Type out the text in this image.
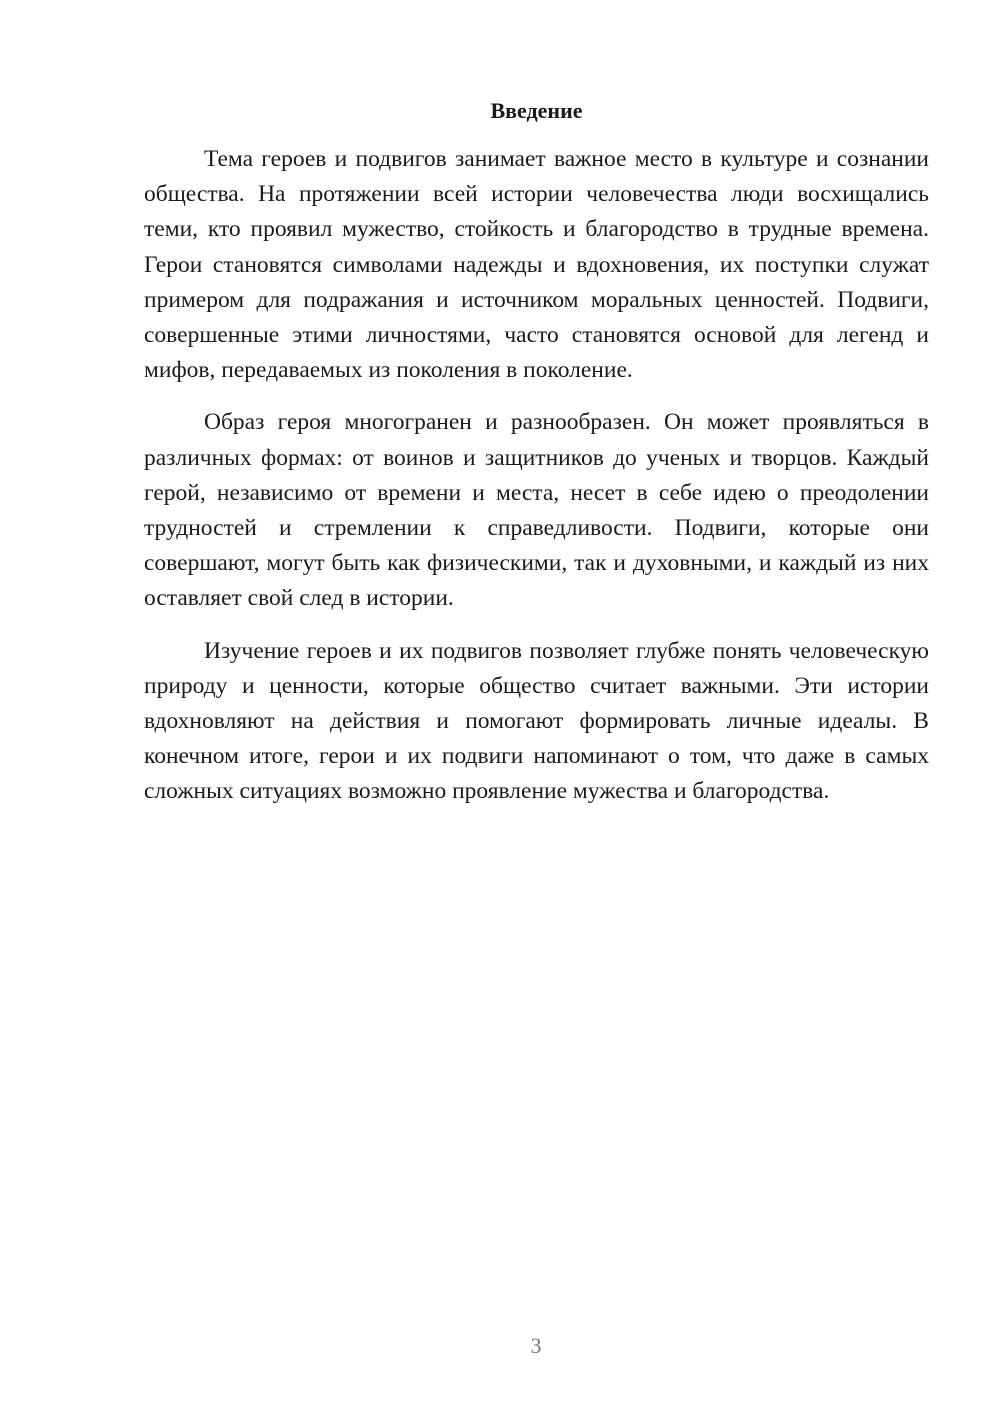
Введение

Тема героев и подвигов занимает важное место в культуре и сознании общества. На протяжении всей истории человечества люди восхищались теми, кто проявил мужество, стойкость и благородство в трудные времена. Герои становятся символами надежды и вдохновения, их поступки служат примером для подражания и источником моральных ценностей. Подвиги, совершенные этими личностями, часто становятся основой для легенд и мифов, передаваемых из поколения в поколение.

Образ героя многогранен и разнообразен. Он может проявляться в различных формах: от воинов и защитников до ученых и творцов. Каждый герой, независимо от времени и места, несет в себе идею о преодолении трудностей и стремлении к справедливости. Подвиги, которые они совершают, могут быть как физическими, так и духовными, и каждый из них оставляет свой след в истории.

Изучение героев и их подвигов позволяет глубже понять человеческую природу и ценности, которые общество считает важными. Эти истории вдохновляют на действия и помогают формировать личные идеалы. В конечном итоге, герои и их подвиги напоминают о том, что даже в самых сложных ситуациях возможно проявление мужества и благородства.

3
